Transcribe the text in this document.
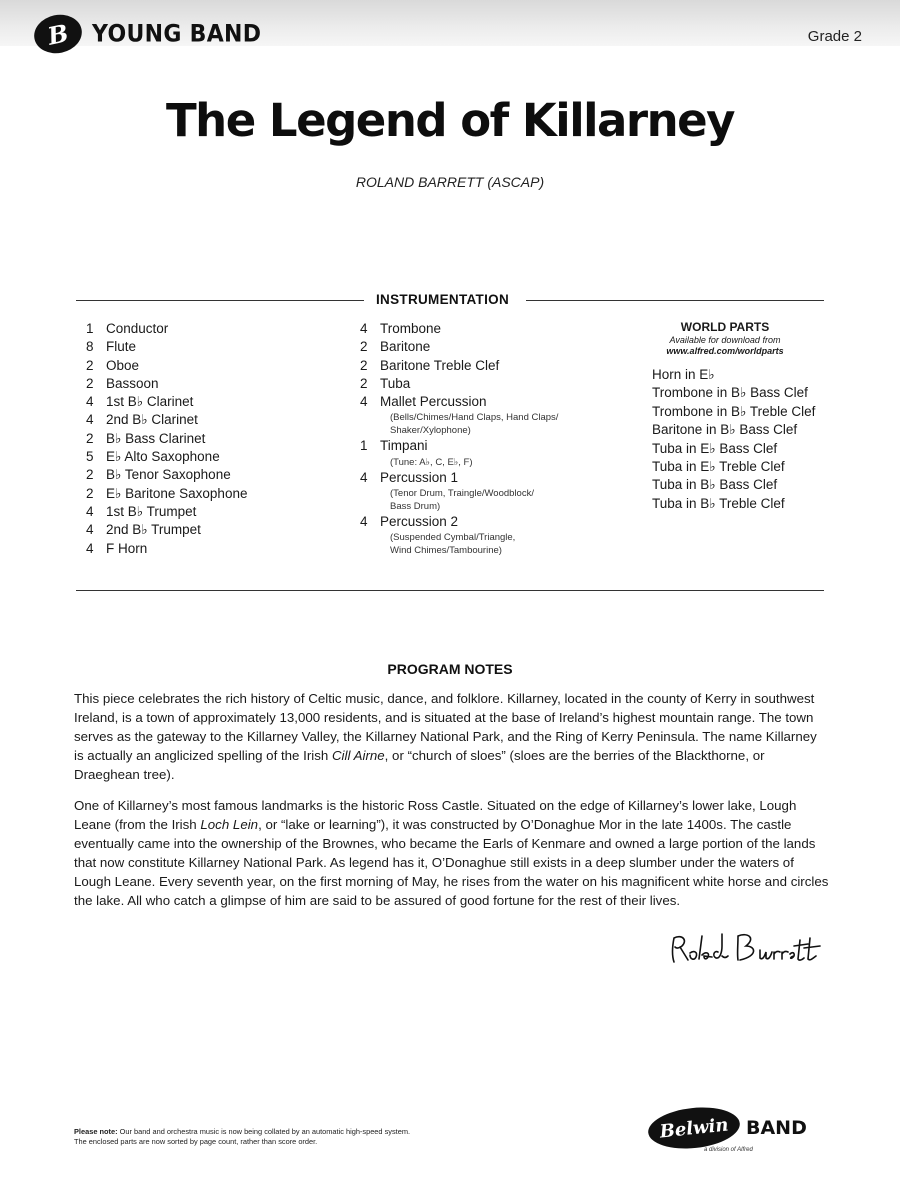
B YOUNG BAND	Grade 2
The Legend of Killarney
ROLAND BARRETT (ASCAP)
INSTRUMENTATION
1 Conductor
8 Flute
2 Oboe
2 Bassoon
4 1st B♭ Clarinet
4 2nd B♭ Clarinet
2 B♭ Bass Clarinet
5 E♭ Alto Saxophone
2 B♭ Tenor Saxophone
2 E♭ Baritone Saxophone
4 1st B♭ Trumpet
4 2nd B♭ Trumpet
4 F Horn
4 Trombone
2 Baritone
2 Baritone Treble Clef
2 Tuba
4 Mallet Percussion
(Bells/Chimes/Hand Claps, Hand Claps/
Shaker/Xylophone)
1 Timpani
(Tune: A♭, C, E♭, F)
4 Percussion 1
(Tenor Drum, Traingle/Woodblock/
Bass Drum)
4 Percussion 2
(Suspended Cymbal/Triangle,
Wind Chimes/Tambourine)
WORLD PARTS
Available for download from
www.alfred.com/worldparts
Horn in E♭
Trombone in B♭ Bass Clef
Trombone in B♭ Treble Clef
Baritone in B♭ Bass Clef
Tuba in E♭ Bass Clef
Tuba in E♭ Treble Clef
Tuba in B♭ Bass Clef
Tuba in B♭ Treble Clef
PROGRAM NOTES
This piece celebrates the rich history of Celtic music, dance, and folklore. Killarney, located in the county of Kerry in southwest Ireland, is a town of approximately 13,000 residents, and is situated at the base of Ireland’s highest mountain range. The town serves as the gateway to the Killarney Valley, the Killarney National Park, and the Ring of Kerry Peninsula. The name Killarney is actually an anglicized spelling of the Irish Cill Airne, or “church of sloes” (sloes are the berries of the Blackthorne, or Draeghean tree).
One of Killarney’s most famous landmarks is the historic Ross Castle. Situated on the edge of Killarney’s lower lake, Lough Leane (from the Irish Loch Lein, or “lake or learning”), it was constructed by O’Donaghue Mor in the late 1400s. The castle eventually came into the ownership of the Brownes, who became the Earls of Kenmare and owned a large portion of the lands that now constitute Killarney National Park. As legend has it, O’Donaghue still exists in a deep slumber under the waters of Lough Leane. Every seventh year, on the first morning of May, he rises from the water on his magnificent white horse and circles the lake. All who catch a glimpse of him are said to be assured of good fortune for the rest of their lives.
Please note: Our band and orchestra music is now being collated by an automatic high-speed system.
The enclosed parts are now sorted by page count, rather than score order.	Belwin BAND
a division of Alfred
